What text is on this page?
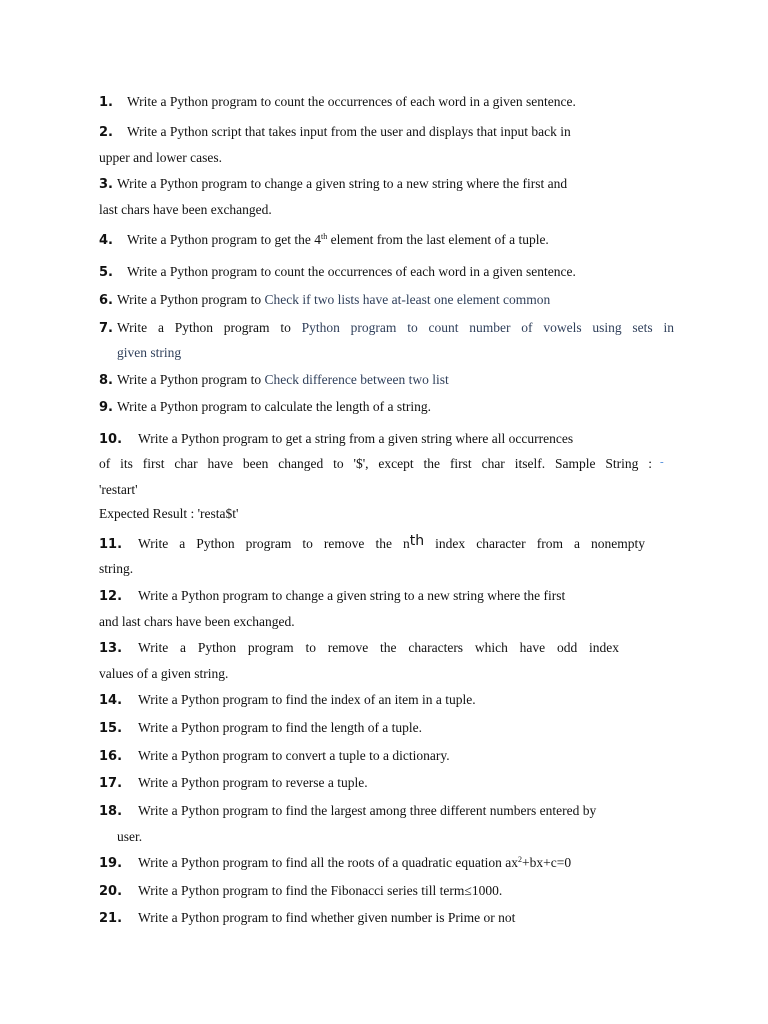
1. Write a Python program to count the occurrences of each word in a given sentence.
2. Write a Python script that takes input from the user and displays that input back in
upper and lower cases.
3. Write a Python program to change a given string to a new string where the first and
last chars have been exchanged.
4. Write a Python program to get the 4th element from the last element of a tuple.
5. Write a Python program to count the occurrences of each word in a given sentence.
6. Write a Python program to Check if two lists have at-least one element common
7. Write a Python program to Python program to count number of vowels using sets in
given string
8. Write a Python program to Check difference between two list
9. Write a Python program to calculate the length of a string.
10. Write a Python program to get a string from a given string where all occurrences
of its first char have been changed to '$', except the first char itself. Sample String : -
'restart'
Expected Result : 'resta$t'
11. Write a Python program to remove the nth index character from a nonempty
string.
12. Write a Python program to change a given string to a new string where the first
and last chars have been exchanged.
13. Write a Python program to remove the characters which have odd index
values of a given string.
14. Write a Python program to find the index of an item in a tuple.
15. Write a Python program to find the length of a tuple.
16. Write a Python program to convert a tuple to a dictionary.
17. Write a Python program to reverse a tuple.
18. Write a Python program to find the largest among three different numbers entered by
user.
19. Write a Python program to find all the roots of a quadratic equation $ax^2+bx+c=0$
20. Write a Python program to find the Fibonacci series till term≤1000.
21. Write a Python program to find whether given number is Prime or not
